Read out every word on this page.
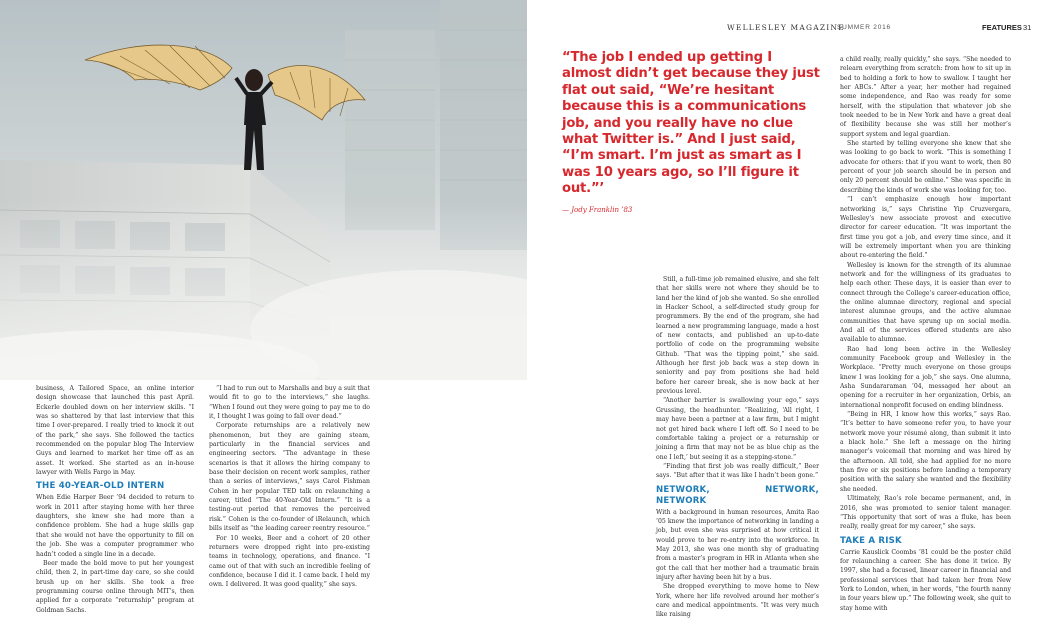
WELLESLEY MAGAZINE
SUMMER 2016	FEATURES 31

“The job I ended up getting I almost didn’t get because they just flat out said, “We’re hesitant because this is a communications job, and you really have no clue what Twitter is.” And I just said, “I’m smart. I’m just as smart as I was 10 years ago, so I’ll figure it out.”’

— Jody Franklin ’83

business, A Tailored Space, an online interior design showcase that launched this past April. Eckerle doubled down on her interview skills. “I was so shattered by that last interview that this time I over-prepared. I really tried to knock it out of the park,” she says. She followed the tactics recommended on the popular blog The Interview Guys and learned to market her time off as an asset. It worked. She started as an in-house lawyer with Wells Fargo in May.

THE 40-YEAR-OLD INTERN

When Edie Harper Beer ’94 decided to return to work in 2011 after staying home with her three daughters, she knew she had more than a confidence problem. She had a huge skills gap that she would not have the opportunity to fill on the job. She was a computer programmer who hadn’t coded a single line in a decade.

Beer made the bold move to put her youngest child, then 2, in part-time day care, so she could brush up on her skills. She took a free programming course online through MIT’s, then applied for a corporate “returnship” program at Goldman Sachs.

“I had to run out to Marshalls and buy a suit that would fit to go to the interviews,” she laughs. “When I found out they were going to pay me to do it, I thought I was going to fall over dead.”

Corporate returnships are a relatively new phenomenon, but they are gaining steam, particularly in the financial services and engineering sectors. “The advantage in these scenarios is that it allows the hiring company to base their decision on recent work samples, rather than a series of interviews,” says Carol Fishman Cohen in her popular TED talk on relaunching a career, titled “The 40-Year-Old Intern.” “It is a testing-out period that removes the perceived risk.” Cohen is the co-founder of iRelaunch, which bills itself as “the leading career reentry resource.”

For 10 weeks, Beer and a cohort of 20 other returners were dropped right into pre-existing teams in technology, operations, and finance. “I came out of that with such an incredible feeling of confidence, because I did it. I came back. I held my own. I delivered. It was good quality,” she says.

Still, a full-time job remained elusive, and she felt that her skills were not where they should be to land her the kind of job she wanted. So she enrolled in Hacker School, a self-directed study group for programmers. By the end of the program, she had learned a new programming language, made a host of new contacts, and published an up-to-date portfolio of code on the programming website Github. “That was the tipping point,” she said. Although her first job back was a step down in seniority and pay from positions she had held before her career break, she is now back at her previous level.

“Another barrier is swallowing your ego,” says Grussing, the headhunter. “Realizing, ‘All right, I may have been a partner at a law firm, but I might not get hired back where I left off. So I need to be comfortable taking a project or a returnship or joining a firm that may not be as blue chip as the one I left,’ but seeing it as a stepping-stone.”

“Finding that first job was really difficult,” Beer says. “But after that it was like I hadn’t been gone.”

NETWORK, NETWORK, NETWORK

With a background in human resources, Amita Rao ’05 knew the importance of networking in landing a job, but even she was surprised at how critical it would prove to her re-entry into the workforce. In May 2013, she was one month shy of graduating from a master’s program in HR in Atlanta when she got the call that her mother had a traumatic brain injury after having been hit by a bus.

She dropped everything to move home to New York, where her life revolved around her mother’s care and medical appointments. “It was very much like raising

a child really, really quickly,” she says. “She needed to relearn everything from scratch: from how to sit up in bed to holding a fork to how to swallow. I taught her her ABCs.” After a year, her mother had regained some independence, and Rao was ready for some herself, with the stipulation that whatever job she took needed to be in New York and have a great deal of flexibility because she was still her mother’s support system and legal guardian.

She started by telling everyone she knew that she was looking to go back to work. “This is something I advocate for others: that if you want to work, then 80 percent of your job search should be in person and only 20 percent should be online.” She was specific in describing the kinds of work she was looking for, too.

“I can’t emphasize enough how important networking is,” says Christine Yip Cruzvergara, Wellesley’s new associate provost and executive director for career education. “It was important the first time you got a job, and every time since, and it will be extremely important when you are thinking about re-entering the field.”

Wellesley is known for the strength of its alumnae network and for the willingness of its graduates to help each other. These days, it is easier than ever to connect through the College’s career-education office, the online alumnae directory, regional and special interest alumnae groups, and the active alumnae communities that have sprung up on social media. And all of the services offered students are also available to alumnae.

Rao had long been active in the Wellesley community Facebook group and Wellesley in the Workplace. “Pretty much everyone on those groups knew I was looking for a job,” she says. One alumna, Asha Sundararaman ’04, messaged her about an opening for a recruiter in her organization, Orbis, an international nonprofit focused on ending blindness.

“Being in HR, I know how this works,” says Rao. “It’s better to have someone refer you, to have your network move your résumé along, than submit it into a black hole.” She left a message on the hiring manager’s voicemail that morning and was hired by the afternoon. All told, she had applied for no more than five or six positions before landing a temporary position with the salary she wanted and the flexibility she needed.

Ultimately, Rao’s role became permanent, and, in 2016, she was promoted to senior talent manager. “This opportunity that sort of was a fluke, has been really, really great for my career,” she says.

TAKE A RISK

Carrie Kauslick Coombs ’81 could be the poster child for relaunching a career. She has done it twice. By 1997, she had a focused, linear career in financial and professional services that had taken her from New York to London, when, in her words, “the fourth nanny in four years blew up.” The following week, she quit to stay home with
